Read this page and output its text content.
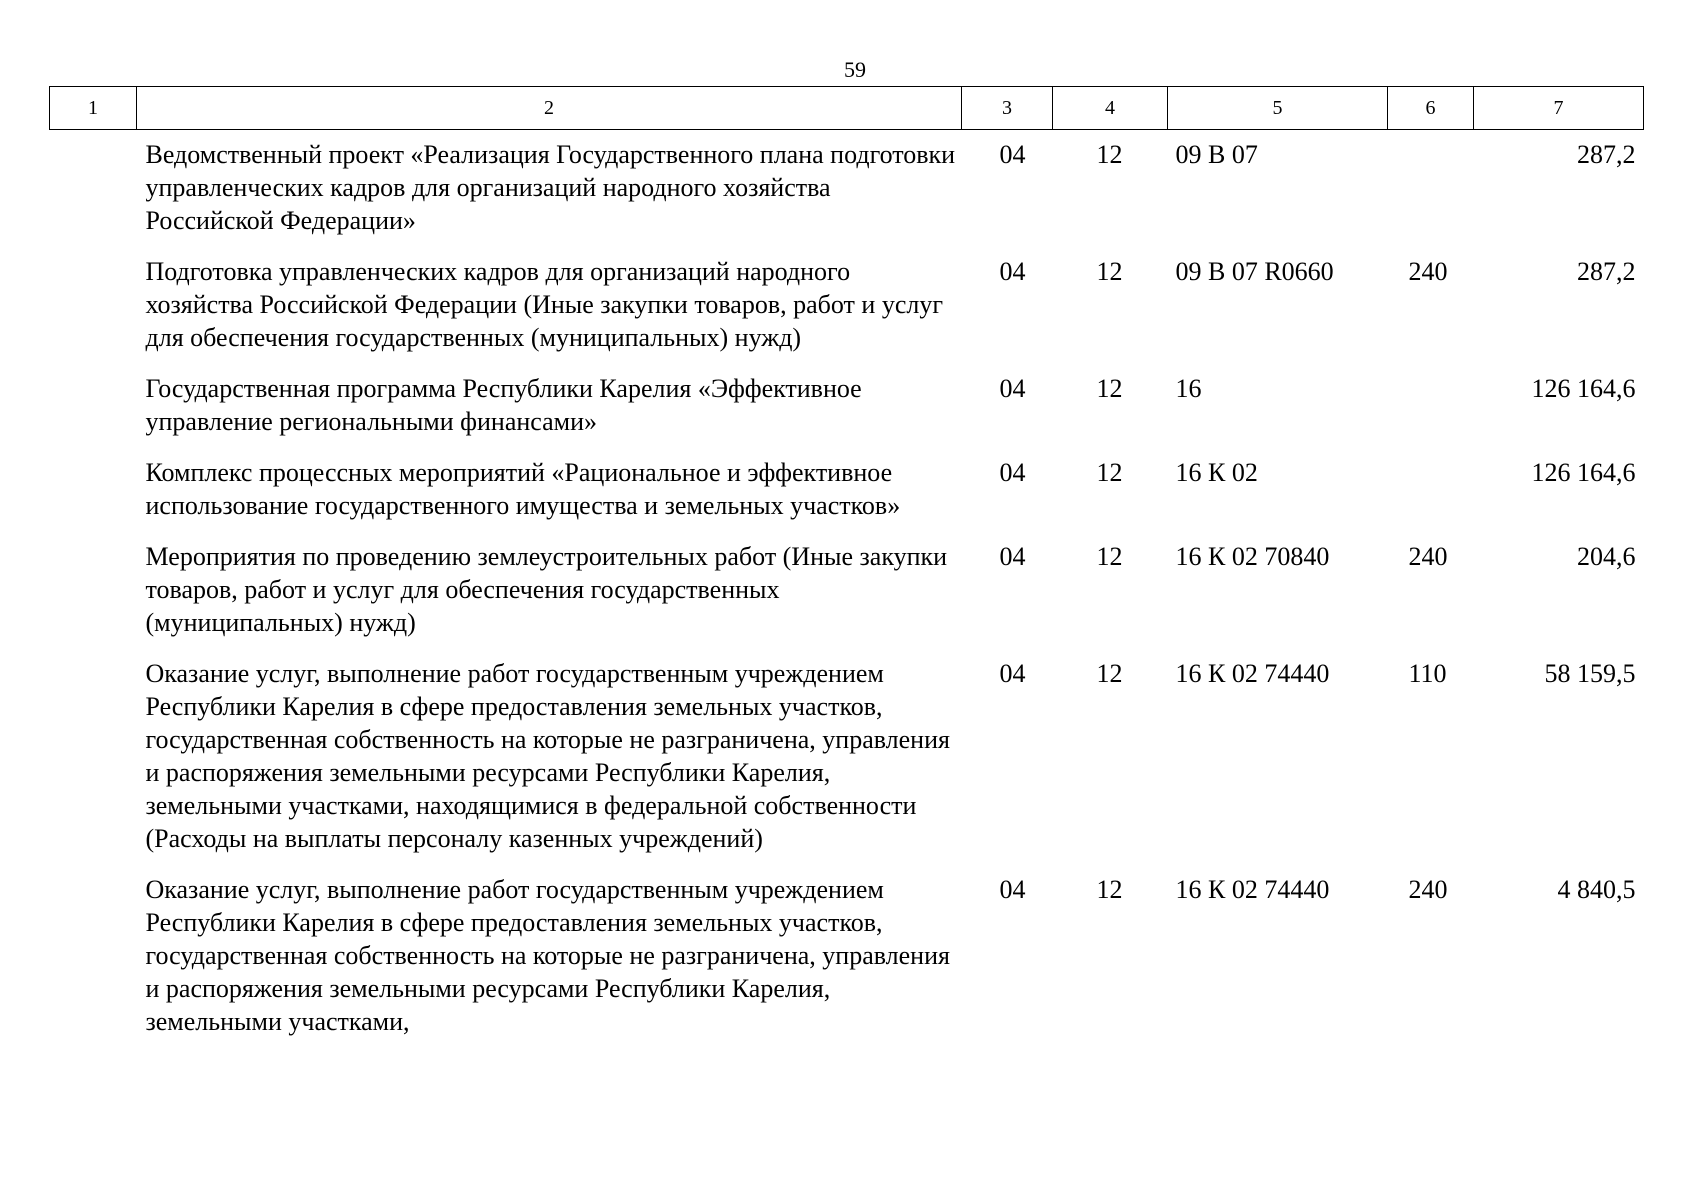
59
1	2	3	4	5	6	7
	Ведомственный проект «Реализация Государственного плана подготовки управленческих кадров для организаций народного хозяйства Российской Федерации»	04	12	09 В 07		287,2
	Подготовка управленческих кадров для организаций народного хозяйства Российской Федерации (Иные закупки товаров, работ и услуг для обеспечения государственных (муниципальных) нужд)	04	12	09 В 07 R0660	240	287,2
	Государственная программа Республики Карелия «Эффективное управление региональными финансами»	04	12	16		126 164,6
	Комплекс процессных мероприятий «Рациональное и эффективное использование государственного имущества и земельных участков»	04	12	16 К 02		126 164,6
	Мероприятия по проведению землеустроительных работ (Иные закупки товаров, работ и услуг для обеспечения государственных (муниципальных) нужд)	04	12	16 К 02 70840	240	204,6
	Оказание услуг, выполнение работ государственным учреждением Республики Карелия в сфере предоставления земельных участков, государственная собственность на которые не разграничена, управления и распоряжения земельными ресурсами Республики Карелия, земельными участками, находящимися в федеральной собственности (Расходы на выплаты персоналу казенных учреждений)	04	12	16 К 02 74440	110	58 159,5
	Оказание услуг, выполнение работ государственным учреждением Республики Карелия в сфере предоставления земельных участков, государственная собственность на которые не разграничена, управления и распоряжения земельными ресурсами Республики Карелия, земельными участками,	04	12	16 К 02 74440	240	4 840,5
